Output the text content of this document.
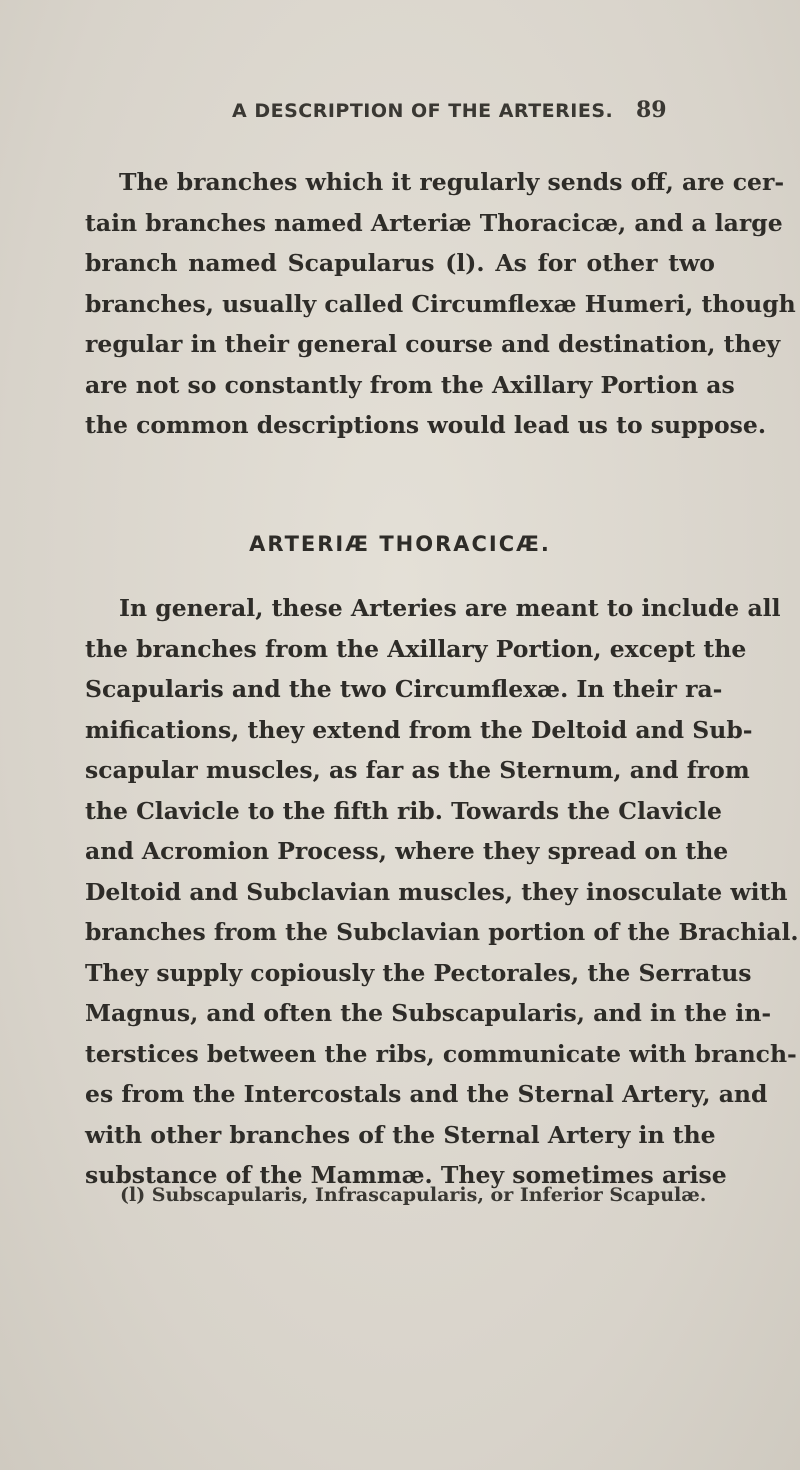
A DESCRIPTION OF THE ARTERIES. 89

The branches which it regularly sends off, are cer-
tain branches named Arteriæ Thoracicæ, and a large
branch named Scapularus (l). As for other two
branches, usually called Circumflexæ Humeri, though
regular in their general course and destination, they
are not so constantly from the Axillary Portion as
the common descriptions would lead us to suppose.

ARTERIÆ THORACICÆ.

In general, these Arteries are meant to include all
the branches from the Axillary Portion, except the
Scapularis and the two Circumflexæ. In their ra-
mifications, they extend from the Deltoid and Sub-
scapular muscles, as far as the Sternum, and from
the Clavicle to the fifth rib. Towards the Clavicle
and Acromion Process, where they spread on the
Deltoid and Subclavian muscles, they inosculate with
branches from the Subclavian portion of the Brachial.
They supply copiously the Pectorales, the Serratus
Magnus, and often the Subscapularis, and in the in-
terstices between the ribs, communicate with branch-
es from the Intercostals and the Sternal Artery, and
with other branches of the Sternal Artery in the
substance of the Mammæ. They sometimes arise

(l) Subscapularis, Infrascapularis, or Inferior Scapulæ.
